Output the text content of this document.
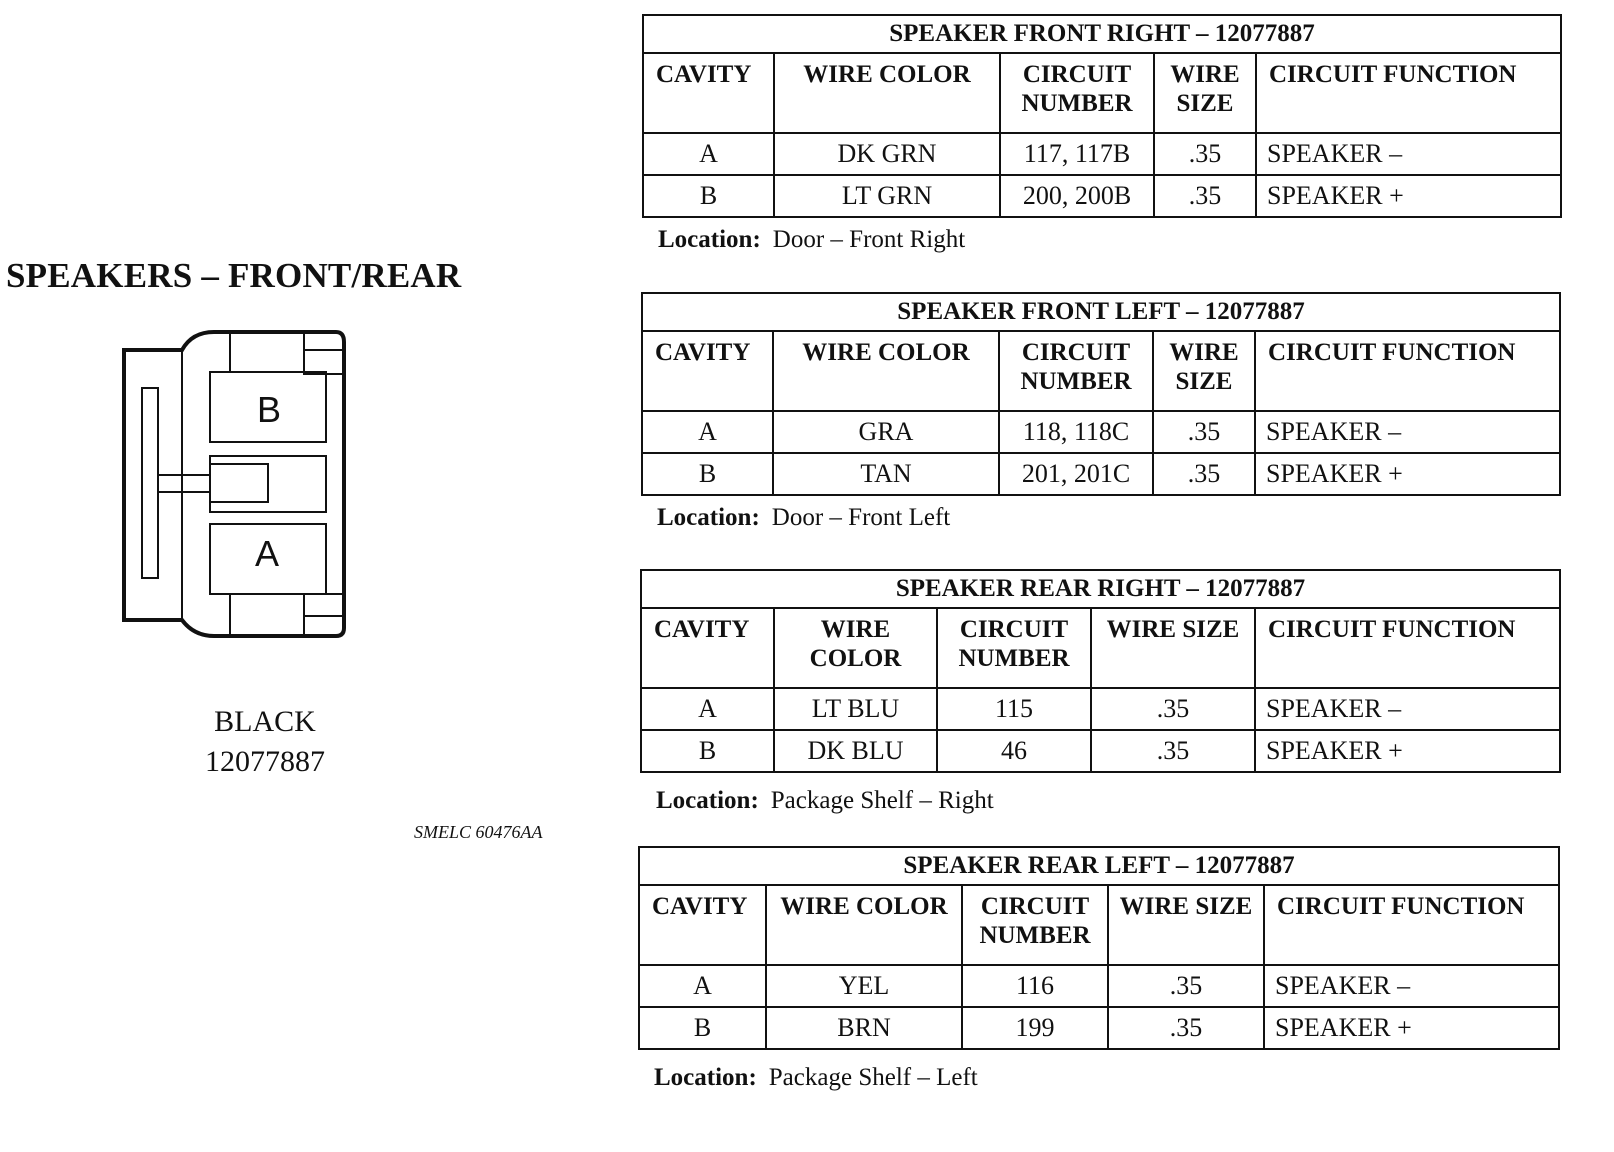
SPEAKERS – FRONT/REAR
B
A
BLACK
12077887
SMELC 60476AA
SPEAKER FRONT RIGHT – 12077887				
CAVITY	WIRE COLOR	CIRCUIT NUMBER	WIRE SIZE	CIRCUIT FUNCTION
A	DK GRN	117, 117B	.35	SPEAKER –
B	LT GRN	200, 200B	.35	SPEAKER +
Location: Door – Front Right
SPEAKER FRONT LEFT – 12077887				
CAVITY	WIRE COLOR	CIRCUIT NUMBER	WIRE SIZE	CIRCUIT FUNCTION
A	GRA	118, 118C	.35	SPEAKER –
B	TAN	201, 201C	.35	SPEAKER +
Location: Door – Front Left
SPEAKER REAR RIGHT – 12077887				
CAVITY	WIRE COLOR	CIRCUIT NUMBER	WIRE SIZE	CIRCUIT FUNCTION
A	LT BLU	115	.35	SPEAKER –
B	DK BLU	46	.35	SPEAKER +
Location: Package Shelf – Right
SPEAKER REAR LEFT – 12077887				
CAVITY	WIRE COLOR	CIRCUIT NUMBER	WIRE SIZE	CIRCUIT FUNCTION
A	YEL	116	.35	SPEAKER –
B	BRN	199	.35	SPEAKER +
Location: Package Shelf – Left
